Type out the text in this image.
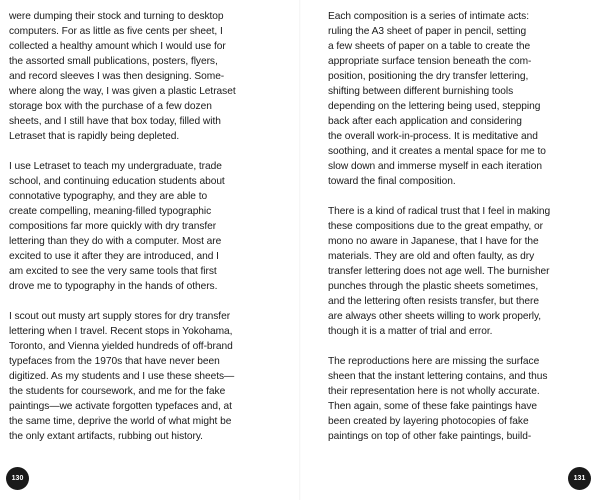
were dumping their stock and turning to desktop
computers. For as little as five cents per sheet, I
collected a healthy amount which I would use for
the assorted small publications, posters, flyers,
and record sleeves I was then designing. Some-
where along the way, I was given a plastic Letraset
storage box with the purchase of a few dozen
sheets, and I still have that box today, filled with
Letraset that is rapidly being depleted.

I use Letraset to teach my undergraduate, trade
school, and continuing education students about
connotative typography, and they are able to
create compelling, meaning-filled typographic
compositions far more quickly with dry transfer
lettering than they do with a computer. Most are
excited to use it after they are introduced, and I
am excited to see the very same tools that first
drove me to typography in the hands of others.

I scout out musty art supply stores for dry transfer
lettering when I travel. Recent stops in Yokohama,
Toronto, and Vienna yielded hundreds of off-brand
typefaces from the 1970s that have never been
digitized. As my students and I use these sheets—
the students for coursework, and me for the fake
paintings—we activate forgotten typefaces and, at
the same time, deprive the world of what might be
the only extant artifacts, rubbing out history.

130

Each composition is a series of intimate acts:
ruling the A3 sheet of paper in pencil, setting
a few sheets of paper on a table to create the
appropriate surface tension beneath the com-
position, positioning the dry transfer lettering,
shifting between different burnishing tools
depending on the lettering being used, stepping
back after each application and considering
the overall work-in-process. It is meditative and
soothing, and it creates a mental space for me to
slow down and immerse myself in each iteration
toward the final composition.

There is a kind of radical trust that I feel in making
these compositions due to the great empathy, or
mono no aware in Japanese, that I have for the
materials. They are old and often faulty, as dry
transfer lettering does not age well. The burnisher
punches through the plastic sheets sometimes,
and the lettering often resists transfer, but there
are always other sheets willing to work properly,
though it is a matter of trial and error.

The reproductions here are missing the surface
sheen that the instant lettering contains, and thus
their representation here is not wholly accurate.
Then again, some of these fake paintings have
been created by layering photocopies of fake
paintings on top of other fake paintings, build-

131
